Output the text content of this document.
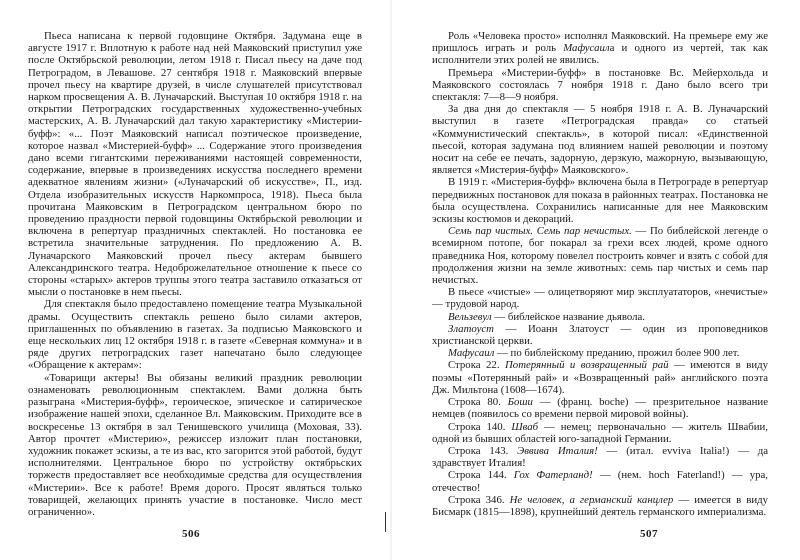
Пьеса написана к первой годовщине Октября. Задумана еще в августе 1917 г. Вплотную к работе над ней Маяковский приступил уже после Октябрьской революции, летом 1918 г. Писал пьесу на даче под Петроградом, в Левашове. 27 сентября 1918 г. Маяковский впервые прочел пьесу на квартире друзей, в числе слушателей присутствовал нарком просвещения А. В. Луначарский. Выступая 10 октября 1918 г. на открытии Петроградских государственных художественно-учебных мастерских, А. В. Луначарский дал такую характеристику «Мистерии-буфф»: «... Поэт Маяковский написал поэтическое произведение, которое назвал «Мистерией-буфф» ... Содержание этого произведения дано всеми гигантскими переживаниями настоящей современности, содержание, впервые в произведениях искусства последнего времени адекватное явлениям жизни» («Луначарский об искусстве», П., изд. Отдела изобразительных искусств Наркомпроса, 1918). Пьеса была прочитана Маяковским в Петроградском центральном бюро по проведению праздности первой годовщины Октябрьской революции и включена в репертуар праздничных спектаклей. Но постановка ее встретила значительные затруднения. По предложению А. В. Луначарского Маяковский прочел пьесу актерам бывшего Александринского театра. Недоброжелательное отношение к пьесе со стороны «старых» актеров труппы этого театра заставило отказаться от мысли о постановке в нем пьесы.

Для спектакля было предоставлено помещение театра Музыкальной драмы. Осуществить спектакль решено было силами актеров, приглашенных по объявлению в газетах. За подписью Маяковского и еще нескольких лиц 12 октября 1918 г. в газете «Северная коммуна» и в ряде других петроградских газет напечатано было следующее «Обращение к актерам»:

«Товарищи актеры! Вы обязаны великий праздник революции ознаменовать революционным спектаклем. Вами должна быть разыграна «Мистерия-буфф», героическое, эпическое и сатирическое изображение нашей эпохи, сделанное Вл. Маяковским. Приходите все в воскресенье 13 октября в зал Тенишевского училища (Моховая, 33). Автор прочтет «Мистерию», режиссер изложит план постановки, художник покажет эскизы, а те из вас, кто загорится этой работой, будут исполнителями. Центральное бюро по устройству октябрьских торжеств предоставляет все необходимые средства для осуществления «Мистерии». Все к работе! Время дорого. Просят являться только товарищей, желающих принять участие в постановке. Число мест ограниченно».

506

Роль «Человека просто» исполнял Маяковский. На премьере ему же пришлось играть и роль Мафусаила и одного из чертей, так как исполнители этих ролей не явились.

Премьера «Мистерии-буфф» в постановке Вс. Мейерхольда и Маяковского состоялась 7 ноября 1918 г. Дано было всего три спектакля: 7—8—9 ноября.

За два дня до спектакля — 5 ноября 1918 г. А. В. Луначарский выступил в газете «Петроградская правда» со статьей «Коммунистический спектакль», в которой писал: «Единственной пьесой, которая задумана под влиянием нашей революции и поэтому носит на себе ее печать, задорную, дерзкую, мажорную, вызывающую, является «Мистерия-буфф» Маяковского».

В 1919 г. «Мистерия-буфф» включена была в Петрограде в репертуар передвижных постановок для показа в районных театрах. Постановка не была осуществлена. Сохранились написанные для нее Маяковским эскизы костюмов и декораций.

Семь пар чистых. Семь пар нечистых. — По библейской легенде о всемирном потопе, бог покарал за грехи всех людей, кроме одного праведника Ноя, которому повелел построить ковчег и взять с собой для продолжения жизни на земле животных: семь пар чистых и семь пар нечистых.

В пьесе «чистые» — олицетворяют мир эксплуататоров, «нечистые» — трудовой народ.

Вельзевул — библейское название дьявола.

Златоуст — Иоанн Златоуст — один из проповедников христианской церкви.

Мафусаил — по библейскому преданию, прожил более 900 лет.

Строка 22. Потерянный и возвращенный рай — имеются в виду поэмы «Потерянный рай» и «Возвращенный рай» английского поэта Дж. Мильтона (1608—1674).

Строка 80. Боши — (франц. boche) — презрительное название немцев (появилось со времени первой мировой войны).

Строка 140. Шваб — немец; первоначально — житель Швабии, одной из бывших областей юго-западной Германии.

Строка 143. Эввива Италия! — (итал. evviva Italia!) — да здравствует Италия!

Строка 144. Гох Фатерланд! — (нем. hoch Faterland!) — ура, отечество!

Строка 346. Не человек, а германский канцлер — имеется в виду Бисмарк (1815—1898), крупнейший деятель германского империализма.

507
